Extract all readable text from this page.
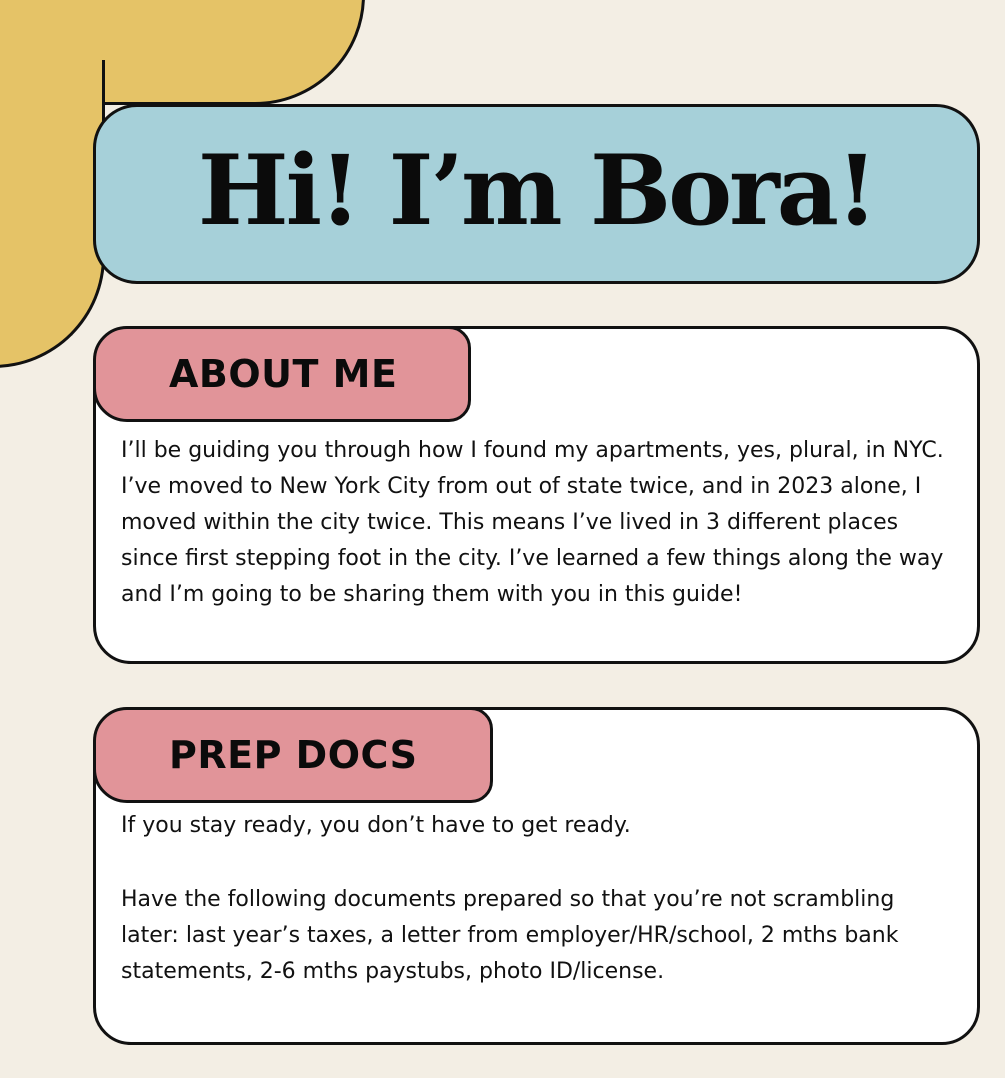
Hi! I’m Bora!
ABOUT ME

I’ll be guiding you through how I found my apartments, yes, plural, in NYC. I’ve moved to New York City from out of state twice, and in 2023 alone, I moved within the city twice. This means I’ve lived in 3 different places since first stepping foot in the city. I’ve learned a few things along the way and I’m going to be sharing them with you in this guide!

PREP DOCS

If you stay ready, you don’t have to get ready.

Have the following documents prepared so that you’re not scrambling later: last year’s taxes, a letter from employer/HR/school, 2 mths bank statements, 2-6 mths paystubs, photo ID/license.
